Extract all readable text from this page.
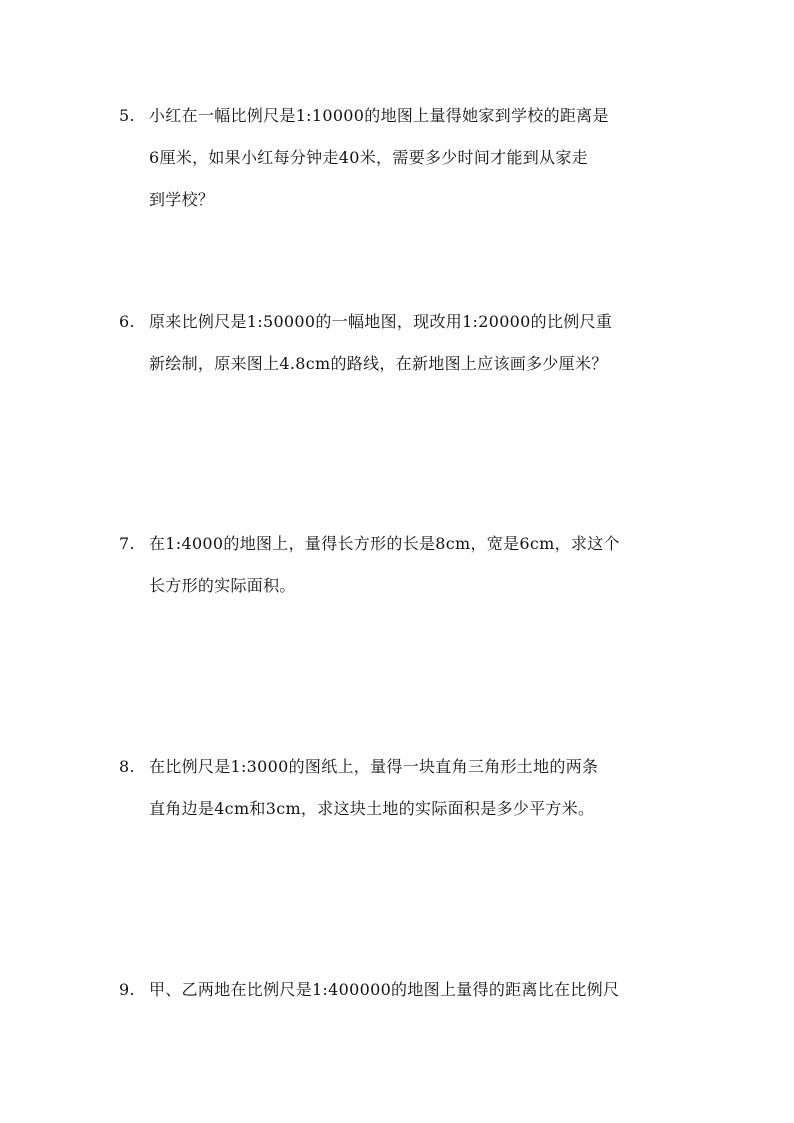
5. 小红在一幅比例尺是1:10000的地图上量得她家到学校的距离是
6厘米，如果小红每分钟走40米，需要多少时间才能到从家走
到学校？
6. 原来比例尺是1:50000的一幅地图，现改用1:20000的比例尺重
新绘制，原来图上4.8cm的路线，在新地图上应该画多少厘米？
7. 在1:4000的地图上，量得长方形的长是8cm，宽是6cm，求这个
长方形的实际面积。
8. 在比例尺是1:3000的图纸上，量得一块直角三角形土地的两条
直角边是4cm和3cm，求这块土地的实际面积是多少平方米。
9. 甲、乙两地在比例尺是1:400000的地图上量得的距离比在比例尺
